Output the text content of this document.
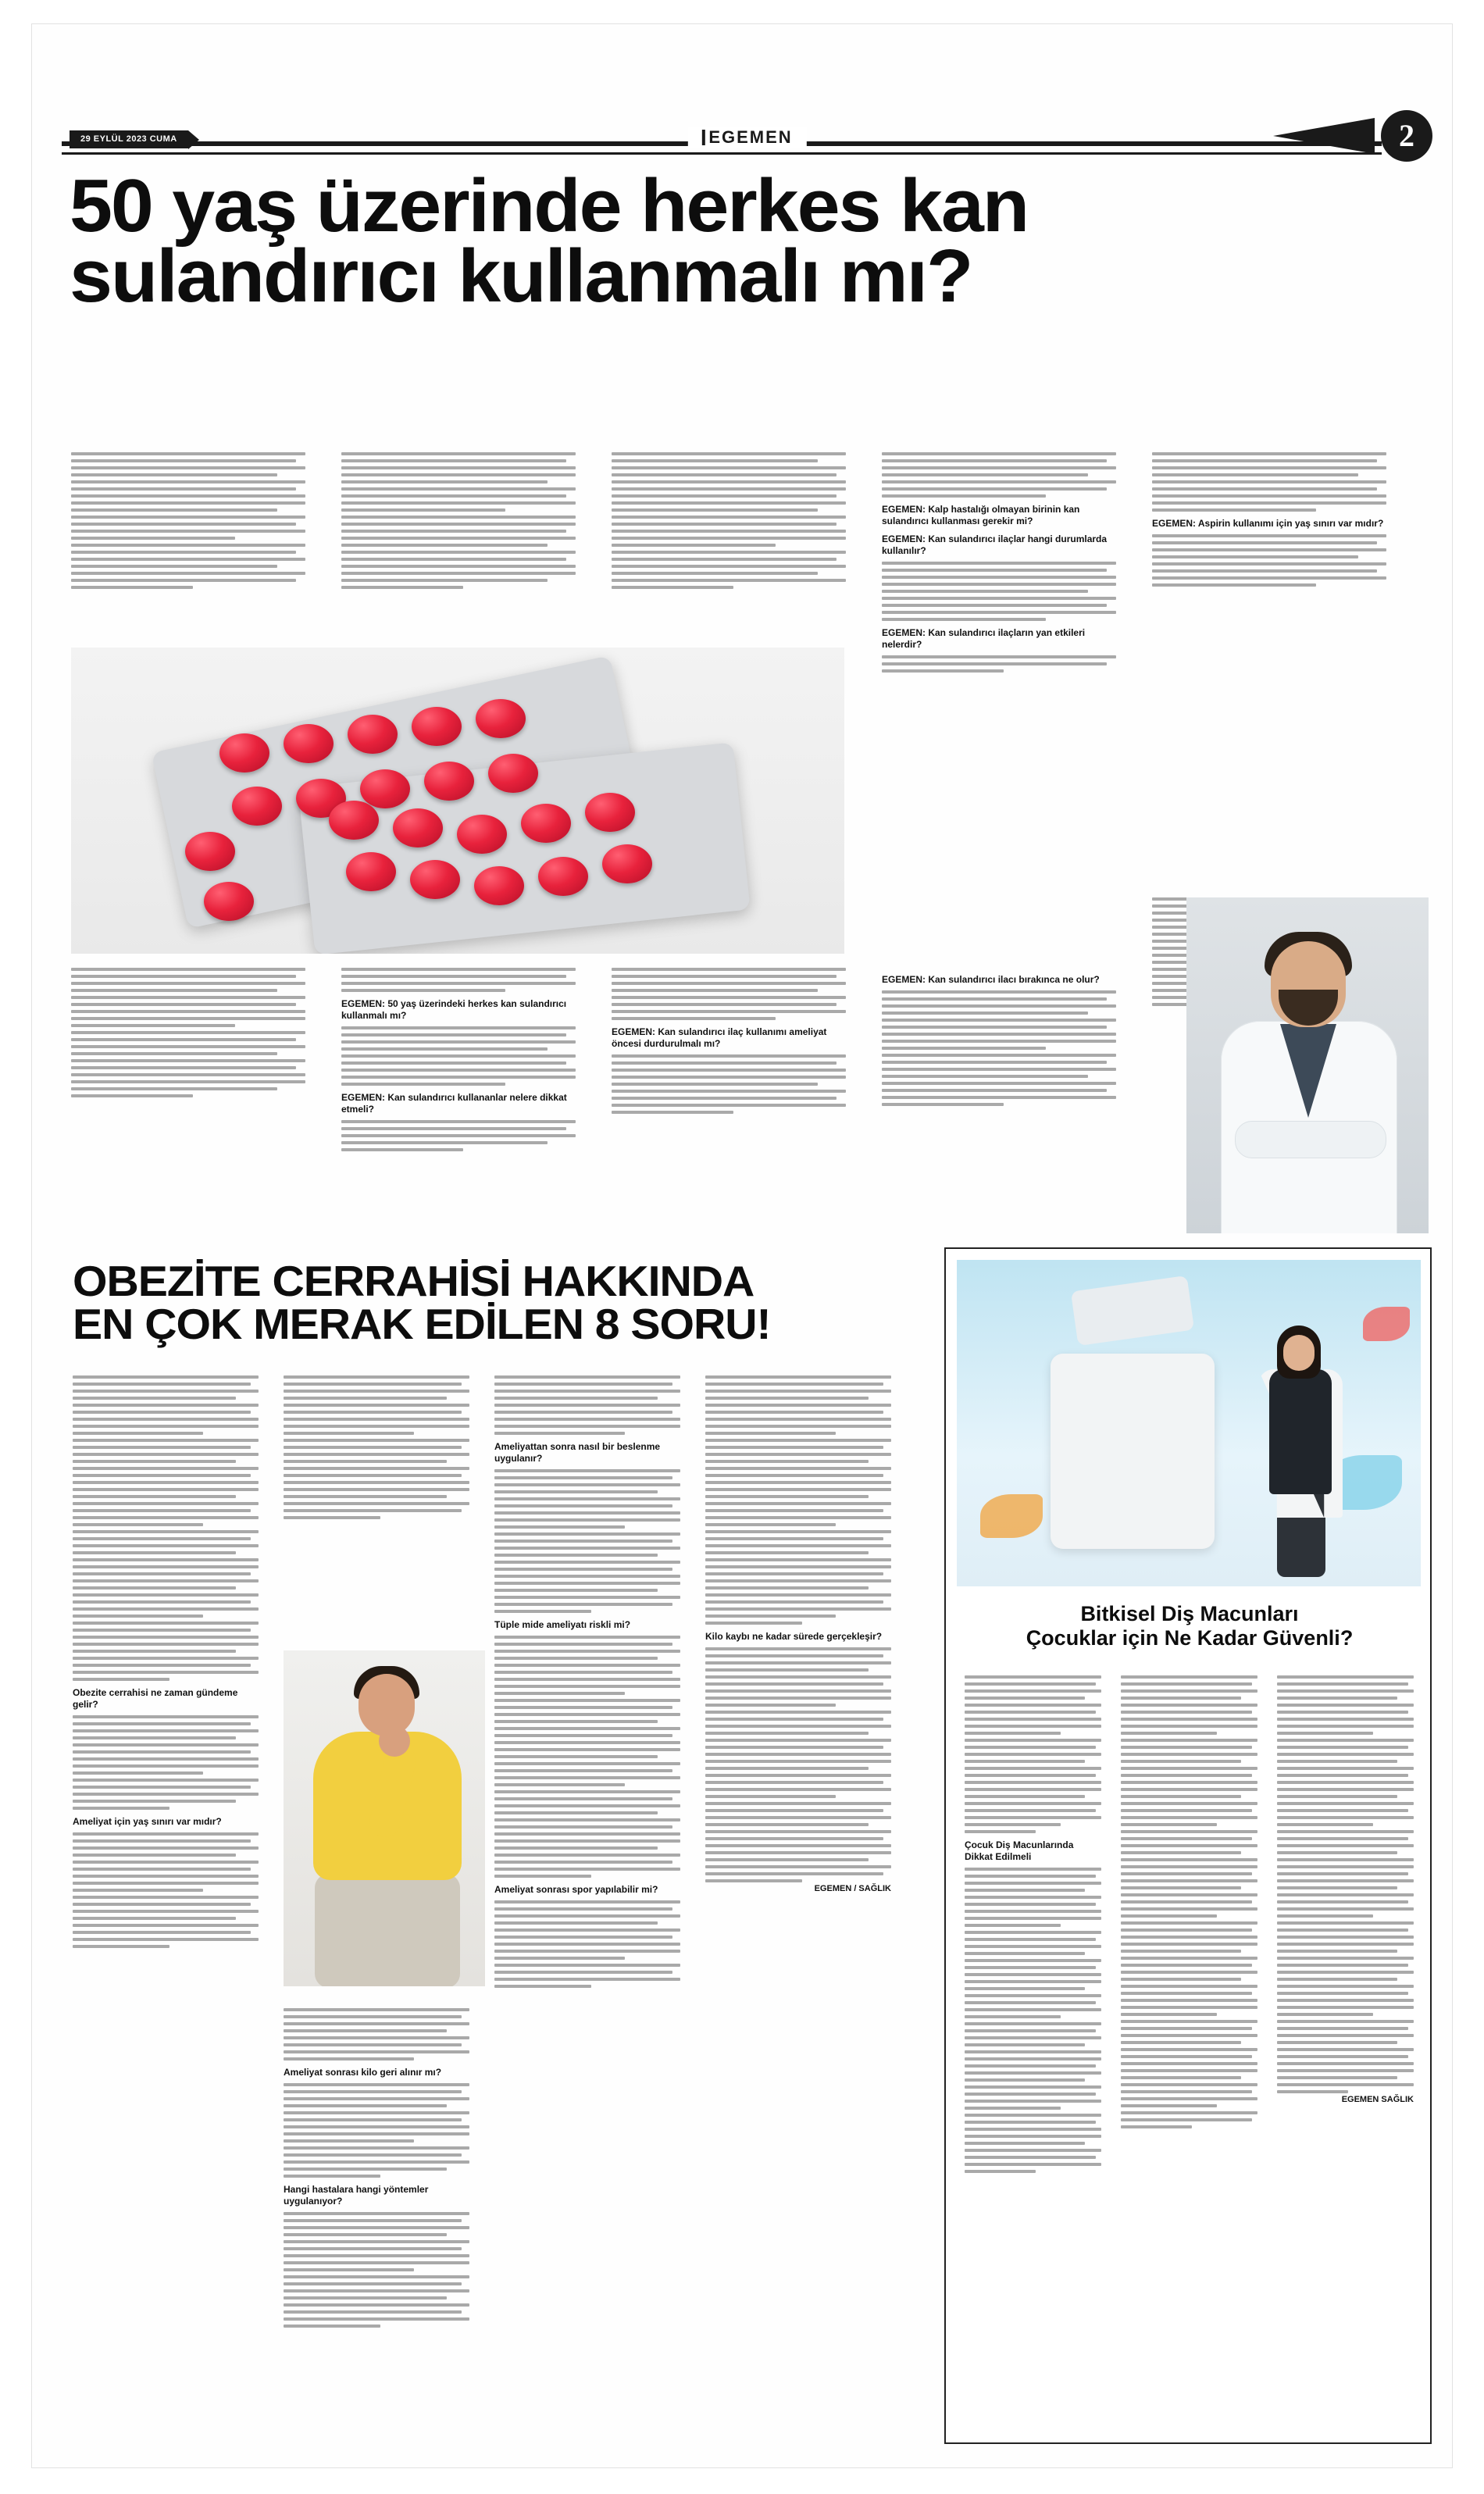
29 EYLÜL 2023 CUMA	EGEMEN	2
50 yaş üzerinde herkes kan
sulandırıcı kullanmalı mı?
EGEMEN: Kalp hastalığı olmayan birinin kan sulandırıcı kullanması gerekir mi?
EGEMEN: Kan sulandırıcı ilaçlar hangi durumlarda kullanılır?
EGEMEN: Kan sulandırıcı ilaçların yan etkileri nelerdir?
EGEMEN: Aspirin kullanımı için yaş sınırı var mıdır?
EGEMEN: 50 yaş üzerindeki herkes kan sulandırıcı kullanmalı mı?
EGEMEN: Kan sulandırıcı kullananlar nelere dikkat etmeli?
EGEMEN: Kan sulandırıcı ilaç kullanımı ameliyat öncesi durdurulmalı mı?
EGEMEN: Kan sulandırıcı ilacı bırakınca ne olur?
OBEZİTE CERRAHİSİ HAKKINDA
EN ÇOK MERAK EDİLEN 8 SORU!
Obezite cerrahisi ne zaman gündeme gelir?
Ameliyat için yaş sınırı var mıdır?
Ameliyat sonrası kilo geri alınır mı?
Hangi hastalara hangi yöntemler uygulanıyor?
Ameliyattan sonra nasıl bir beslenme uygulanır?
Tüple mide ameliyatı riskli mi?
Ameliyat sonrası spor yapılabilir mi?
Kilo kaybı ne kadar sürede gerçekleşir?
EGEMEN / SAĞLIK
Bitkisel Diş Macunları
Çocuklar için Ne Kadar Güvenli?
Çocuk Diş Macunlarında Dikkat Edilmeli
EGEMEN SAĞLIK
